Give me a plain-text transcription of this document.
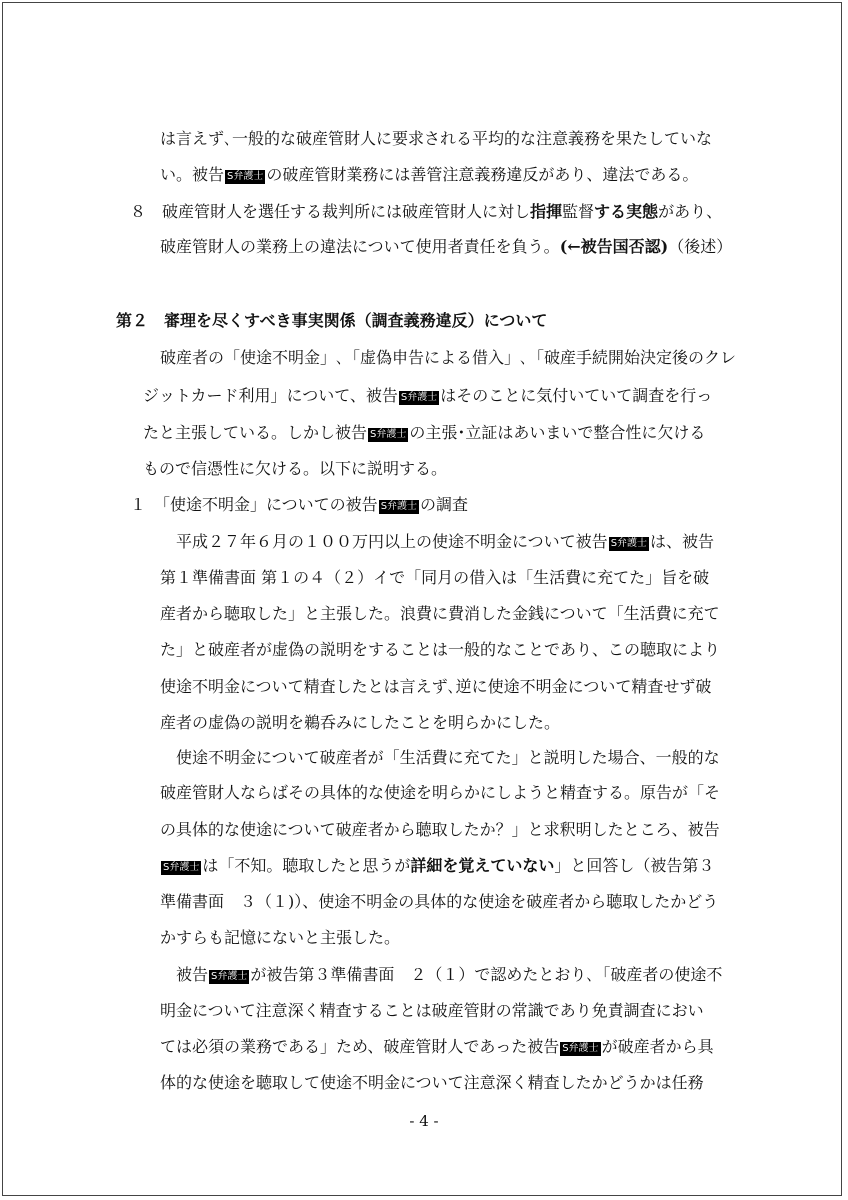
は言えず､一般的な破産管財人に要求される平均的な注意義務を果たしていな
い。被告 S弁護士 の破産管財業務には善管注意義務違反があり、違法である。
８　破産管財人を選任する裁判所には破産管財人に対し指揮監督する実態があり、
破産管財人の業務上の違法について使用者責任を負う。(←被告国否認)（後述）
第２　審理を尽くすべき事実関係（調査義務違反）について
破産者の「使途不明金」､「虚偽申告による借入」､「破産手続開始決定後のクレ
ジットカード利用」について、被告 S弁護士 はそのことに気付いていて調査を行っ
たと主張している。しかし被告 S弁護士 の主張･立証はあいまいで整合性に欠ける
もので信憑性に欠ける。以下に説明する。
１　「使途不明金」についての被告 S弁護士 の調査
平成２７年６月の１００万円以上の使途不明金について被告 S弁護士 は、被告
第１準備書面 第１の４（２）イで「同月の借入は「生活費に充てた」旨を破
産者から聴取した」と主張した。浪費に費消した金銭について「生活費に充て
た」と破産者が虚偽の説明をすることは一般的なことであり、この聴取により
使途不明金について精査したとは言えず､逆に使途不明金について精査せず破
産者の虚偽の説明を鵜呑みにしたことを明らかにした。
使途不明金について破産者が「生活費に充てた」と説明した場合、一般的な
破産管財人ならばその具体的な使途を明らかにしようと精査する。原告が「そ
の具体的な使途について破産者から聴取したか？」と求釈明したところ、被告
S弁護士 は「不知。聴取したと思うが詳細を覚えていない」と回答し（被告第３
準備書面　３（１)）、使途不明金の具体的な使途を破産者から聴取したかどう
かすらも記憶にないと主張した。
被告 S弁護士 が被告第３準備書面　２（１）で認めたとおり､「破産者の使途不
明金について注意深く精査することは破産管財の常識であり免責調査におい
ては必須の業務である」ため、破産管財人であった被告 S弁護士 が破産者から具
体的な使途を聴取して使途不明金について注意深く精査したかどうかは任務
- 4 -
